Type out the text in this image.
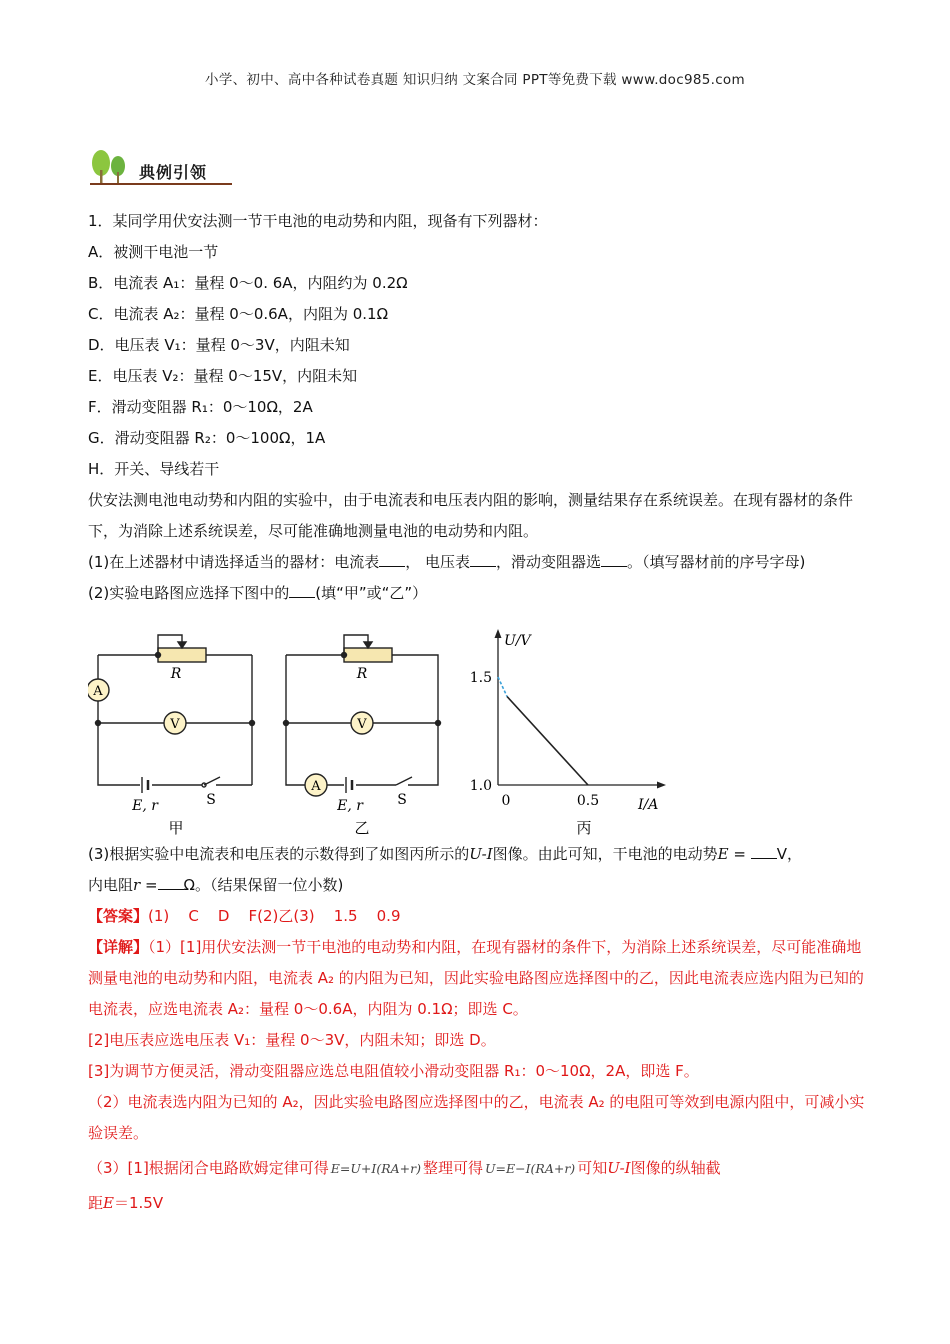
小学、初中、高中各种试卷真题 知识归纳 文案合同 PPT等免费下载 www.doc985.com
典例引领

1．某同学用伏安法测一节干电池的电动势和内阻，现备有下列器材：

A．被测干电池一节

B．电流表 A₁：量程 0～0. 6A，内阻约为 0.2Ω

C．电流表 A₂：量程 0～0.6A，内阻为 0.1Ω

D．电压表 V₁：量程 0～3V，内阻未知

E．电压表 V₂：量程 0～15V，内阻未知

F．滑动变阻器 R₁：0～10Ω，2A

G．滑动变阻器 R₂：0～100Ω，1A

H．开关、导线若干

伏安法测电池电动势和内阻的实验中，由于电流表和电压表内阻的影响，测量结果存在系统误差。在现有器材的条件下，为消除上述系统误差，尽可能准确地测量电池的电动势和内阻。

(1)在上述器材中请选择适当的器材：电流表 ， 电压表 ，滑动变阻器选 。（填写器材前的序号字母)

(2)实验电路图应选择下图中的 (填“甲”或“乙”）

A
V
R
E, r	S
甲
A
V
R
E, r S
乙
U/V
I/A
1.5
1.0
0	0.5
丙

(3)根据实验中电流表和电压表的示数得到了如图丙所示的U-I图像。由此可知，干电池的电动势E = V，
内电阻r = Ω。（结果保留一位小数)

【答案】(1)    C    D    F(2)乙(3)    1.5    0.9

【详解】（1）[1]用伏安法测一节干电池的电动势和内阻，在现有器材的条件下，为消除上述系统误差，尽可能准确地测量电池的电动势和内阻，电流表 A₂ 的内阻为已知，因此实验电路图应选择图中的乙，因此电流表应选内阻为已知的电流表，应选电流表 A₂：量程 0～0.6A，内阻为 0.1Ω；即选 C。

[2]电压表应选电压表 V₁：量程 0～3V，内阻未知；即选 D。

[3]为调节方便灵活，滑动变阻器应选总电阻值较小滑动变阻器 R₁：0～10Ω，2A，即选 F。

（2）电流表选内阻为已知的 A₂，因此实验电路图应选择图中的乙，电流表 A₂ 的电阻可等效到电源内阻中，可减小实验误差。

（3）[1]根据闭合电路欧姆定律可得 E=U+I(RA+r) 整理可得 U=E−I(RA+r) 可知U-I图像的纵轴截

距E＝1.5V
